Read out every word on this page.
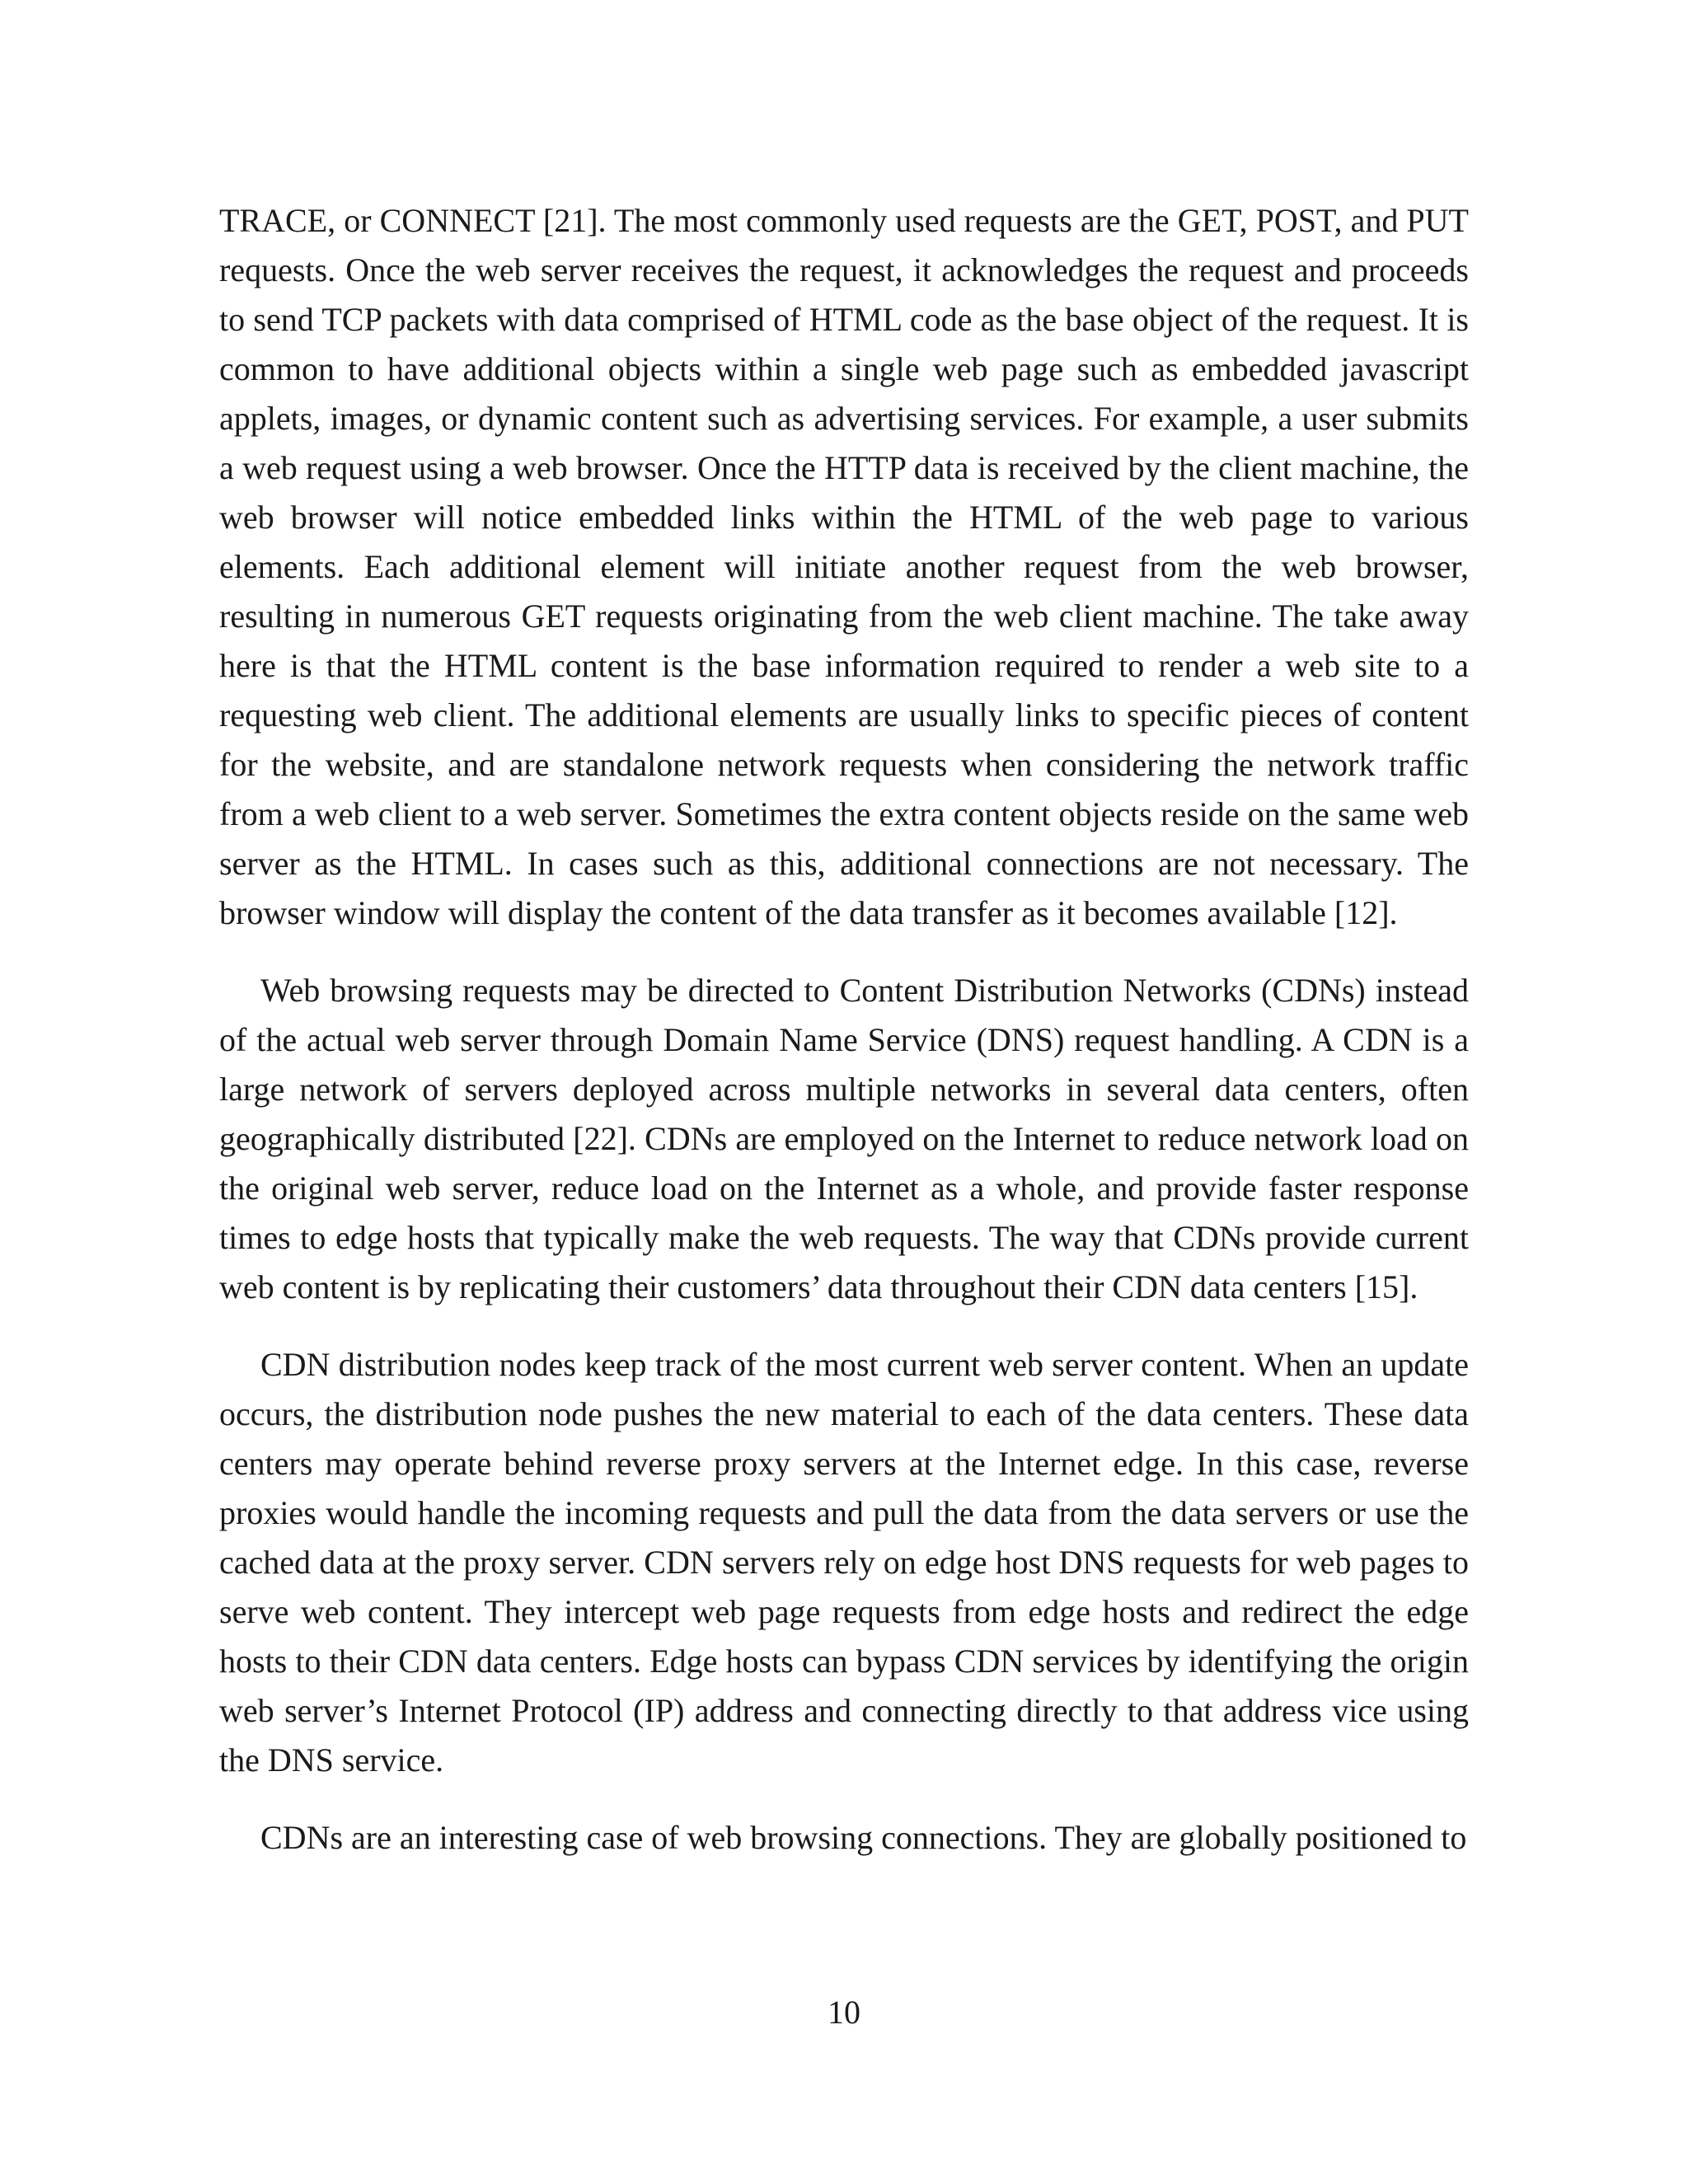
TRACE, or CONNECT [21]. The most commonly used requests are the GET, POST, and PUT requests. Once the web server receives the request, it acknowledges the request and proceeds to send TCP packets with data comprised of HTML code as the base object of the request. It is common to have additional objects within a single web page such as embedded javascript applets, images, or dynamic content such as advertising services. For example, a user submits a web request using a web browser. Once the HTTP data is received by the client machine, the web browser will notice embedded links within the HTML of the web page to various elements. Each additional element will initiate another request from the web browser, resulting in numerous GET requests originating from the web client machine. The take away here is that the HTML content is the base information required to render a web site to a requesting web client. The additional elements are usually links to specific pieces of content for the website, and are standalone network requests when considering the network traffic from a web client to a web server. Sometimes the extra content objects reside on the same web server as the HTML. In cases such as this, additional connections are not necessary. The browser window will display the content of the data transfer as it becomes available [12].

Web browsing requests may be directed to Content Distribution Networks (CDNs) instead of the actual web server through Domain Name Service (DNS) request handling. A CDN is a large network of servers deployed across multiple networks in several data centers, often geographically distributed [22]. CDNs are employed on the Internet to reduce network load on the original web server, reduce load on the Internet as a whole, and provide faster response times to edge hosts that typically make the web requests. The way that CDNs provide current web content is by replicating their customers’ data throughout their CDN data centers [15].

CDN distribution nodes keep track of the most current web server content. When an update occurs, the distribution node pushes the new material to each of the data centers. These data centers may operate behind reverse proxy servers at the Internet edge. In this case, reverse proxies would handle the incoming requests and pull the data from the data servers or use the cached data at the proxy server. CDN servers rely on edge host DNS requests for web pages to serve web content. They intercept web page requests from edge hosts and redirect the edge hosts to their CDN data centers. Edge hosts can bypass CDN services by identifying the origin web server’s Internet Protocol (IP) address and connecting directly to that address vice using the DNS service.

CDNs are an interesting case of web browsing connections. They are globally positioned to

10
